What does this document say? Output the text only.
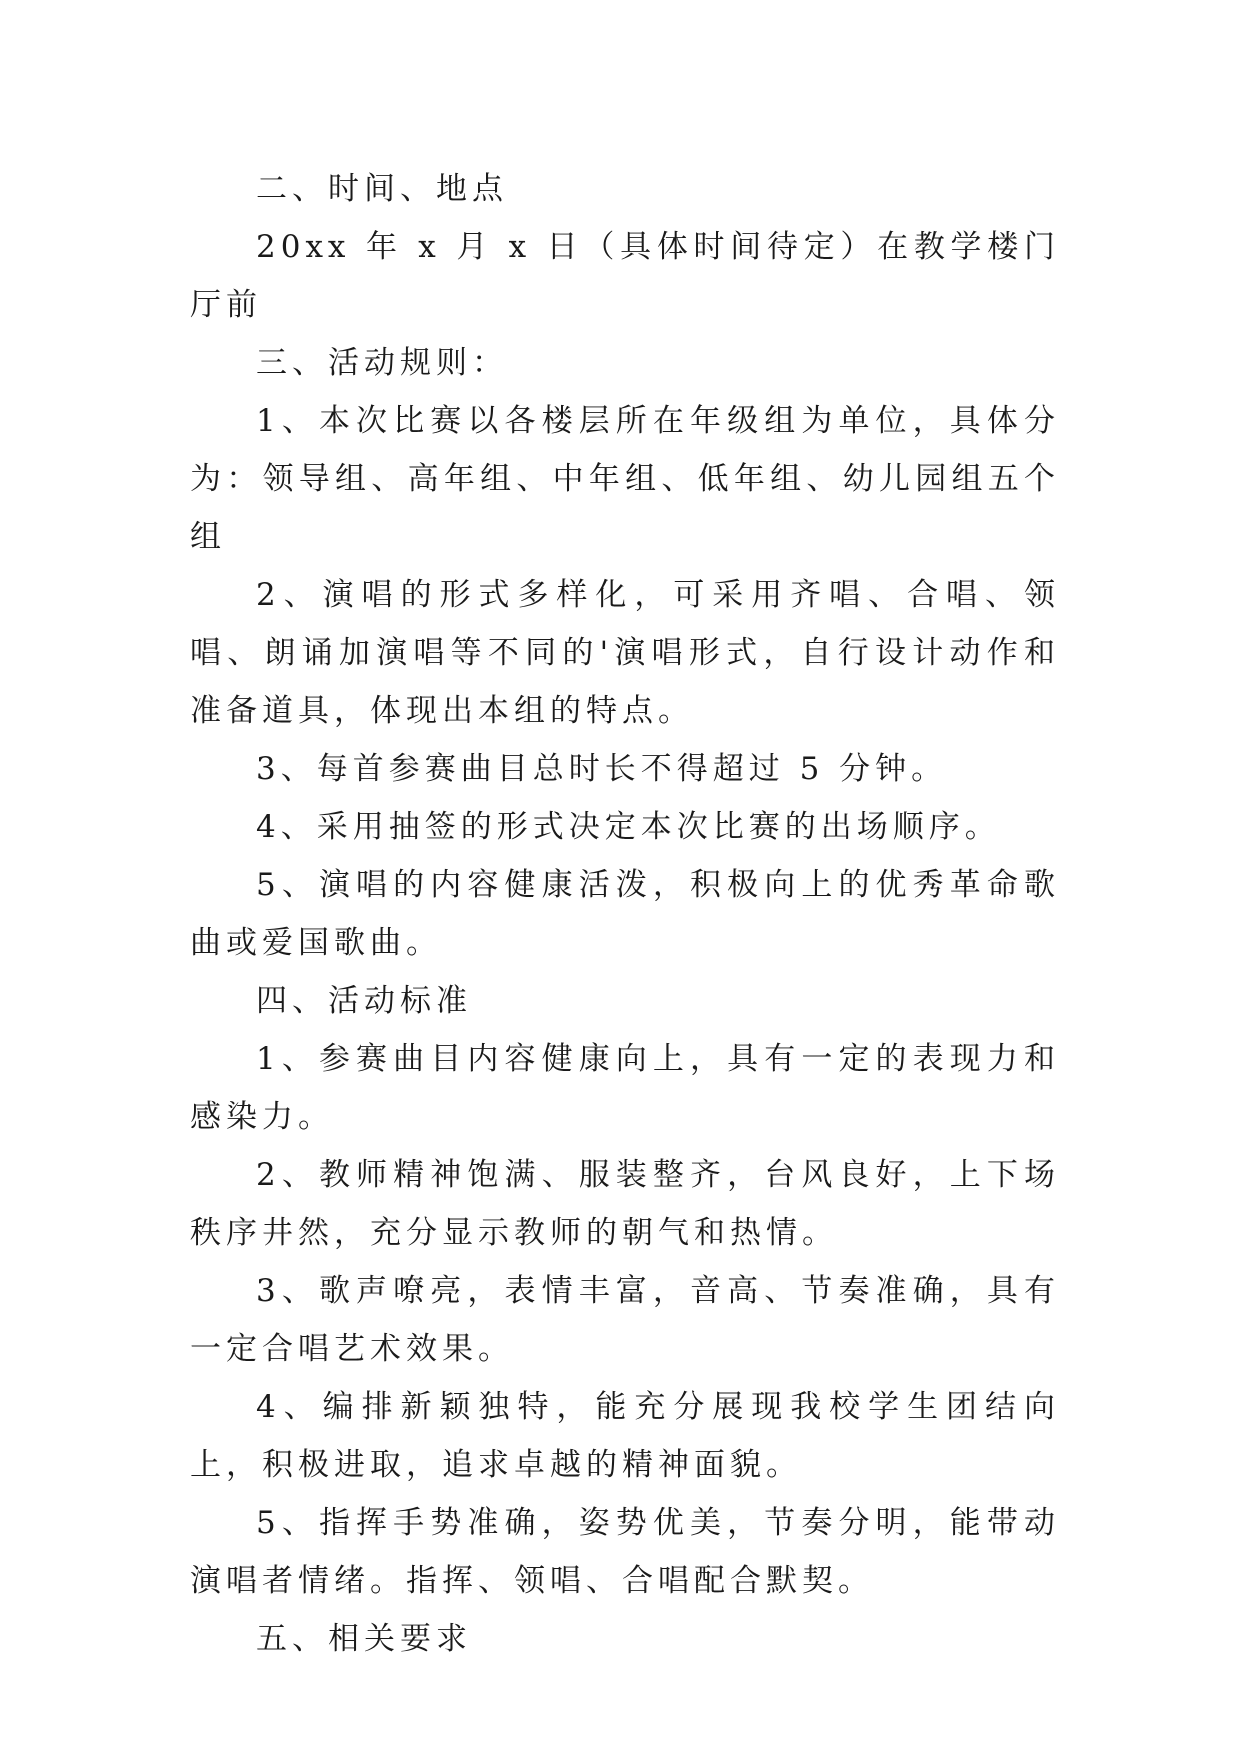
二、时间、地点

20xx 年 x 月 x 日（具体时间待定）在教学楼门厅前

三、活动规则：

1、本次比赛以各楼层所在年级组为单位，具体分为：领导组、高年组、中年组、低年组、幼儿园组五个组

2、演唱的形式多样化，可采用齐唱、合唱、领唱、朗诵加演唱等不同的'演唱形式，自行设计动作和准备道具，体现出本组的特点。

3、每首参赛曲目总时长不得超过 5 分钟。

4、采用抽签的形式决定本次比赛的出场顺序。

5、演唱的内容健康活泼，积极向上的优秀革命歌曲或爱国歌曲。

四、活动标准

1、参赛曲目内容健康向上，具有一定的表现力和感染力。

2、教师精神饱满、服装整齐，台风良好，上下场秩序井然，充分显示教师的朝气和热情。

3、歌声嘹亮，表情丰富，音高、节奏准确，具有一定合唱艺术效果。

4、编排新颖独特，能充分展现我校学生团结向上，积极进取，追求卓越的精神面貌。

5、指挥手势准确，姿势优美，节奏分明，能带动演唱者情绪。指挥、领唱、合唱配合默契。

五、相关要求
